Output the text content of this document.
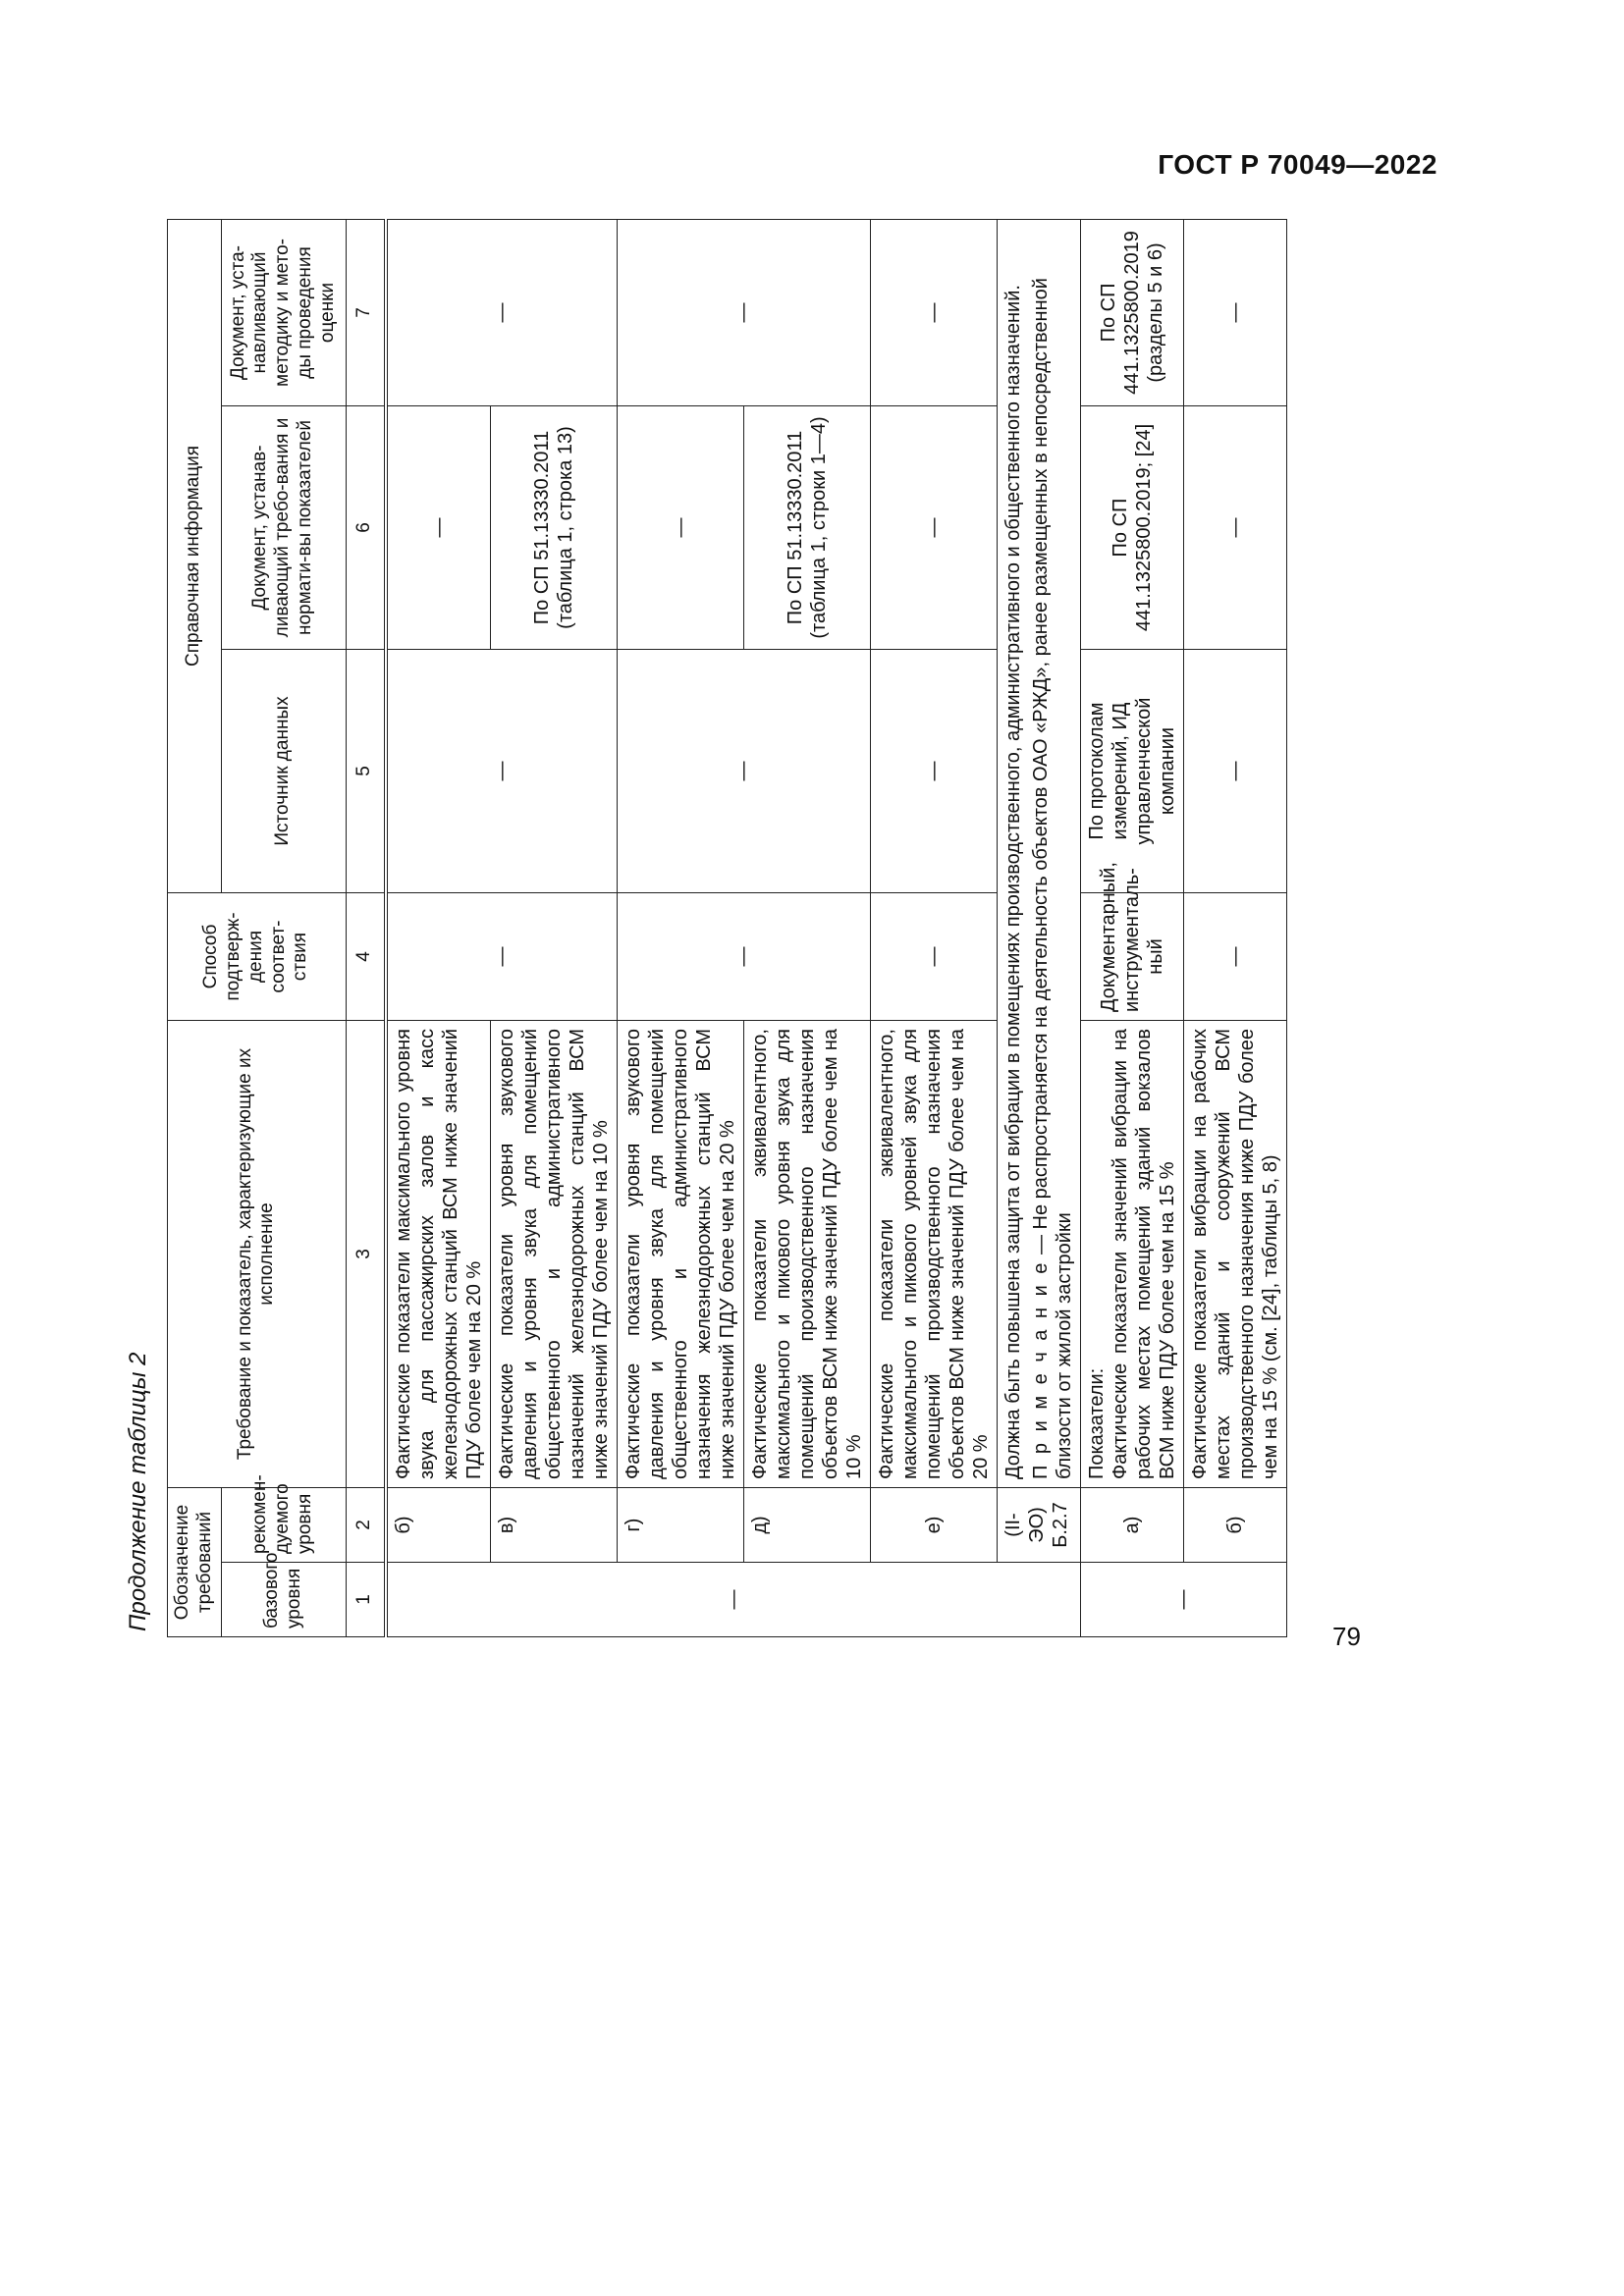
ГОСТ Р 70049—2022
79
Продолжение таблицы 2	Обозначение требований		Требование и показатель, характеризующие их исполнение	Способ подтверж-дения соответ-ствия	Справочная информация		
базового уровня	рекомен-дуемого уровня			Источник данных	Документ, устанав-ливающий требо-вания и нормати-вы показателей	Документ, уста-навливающий методику и мето-ды проведения оценки
1	2	3	4	5	6	7
—	б)	Фактические показатели максимального уровня звука для пассажирских залов и касс железнодорожных станций ВСМ ниже значений ПДУ более чем на 20 %	—	—	—	—
	в)	Фактические показатели уровня звукового давления и уровня звука для помещений общественного и административного назначений железнодорожных станций ВСМ ниже значений ПДУ более чем на 10 %			По СП 51.13330.2011 (таблица 1, строка 13)	
	г)	Фактические показатели уровня звукового давления и уровня звука для помещений общественного и административного назначения железнодорожных станций ВСМ ниже значений ПДУ более чем на 20 %	—	—	—	—
	д)	Фактические показатели эквивалентного, максимального и пикового уровня звука для помещений производственного назначения объектов ВСМ ниже значений ПДУ более чем на 10 %			По СП 51.13330.2011 (таблица 1, строки 1—4)	
	е)	Фактические показатели эквивалентного, максимального и пикового уровней звука для помещений производственного назначения объектов ВСМ ниже значений ПДУ более чем на 20 %	—	—	—	—
	(II-ЭО) Б.2.7	Должна быть повышена защита от вибрации в помещениях производственного, административного и общественного назначений. П р и м е ч а н и е — Не распространяется на деятельность объектов ОАО «РЖД», ранее размещенных в непосредственной близости от жилой застройки				

—	а)	Показатели: Фактические показатели значений вибрации на рабочих местах помещений зданий вокзалов ВСМ ниже ПДУ более чем на 15 %	Документарный, инструменталь-ный	По протоколам измерений, ИД управленческой компании	По СП 441.1325800.2019; [24]	По СП 441.1325800.2019 (разделы 5 и 6)
	б)	Фактические показатели вибрации на рабочих местах зданий и сооружений ВСМ производственного назначения ниже ПДУ более чем на 15 % (см. [24], таблицы 5, 8)	—	—	—	—
